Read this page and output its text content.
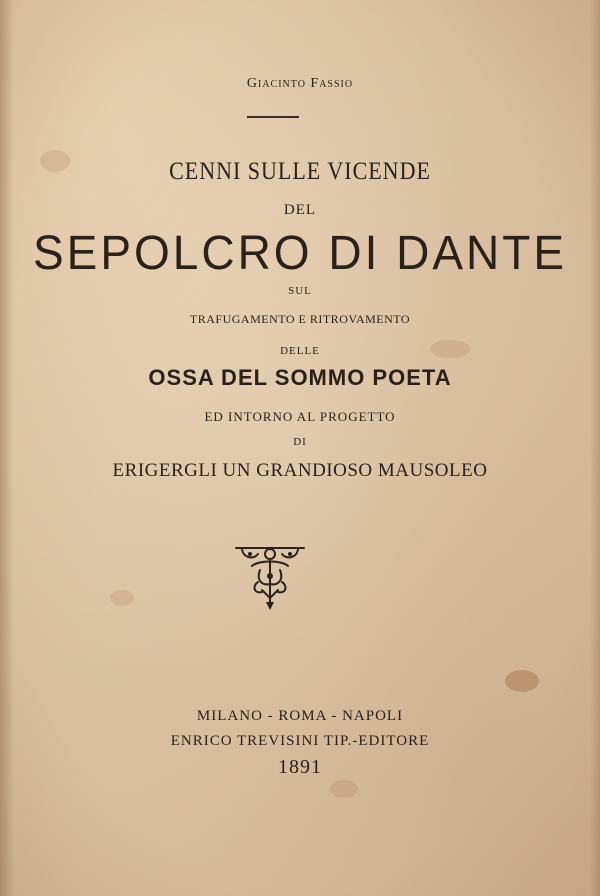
Giacinto Fassio
CENNI SULLE VICENDE
DEL
SEPOLCRO DI DANTE
SUL
TRAFUGAMENTO E RITROVAMENTO
DELLE
OSSA DEL SOMMO POETA
ED INTORNO AL PROGETTO
DI
ERIGERGLI UN GRANDIOSO MAUSOLEO
MILANO - ROMA - NAPOLI
ENRICO TREVISINI TIP.-EDITORE
1891
